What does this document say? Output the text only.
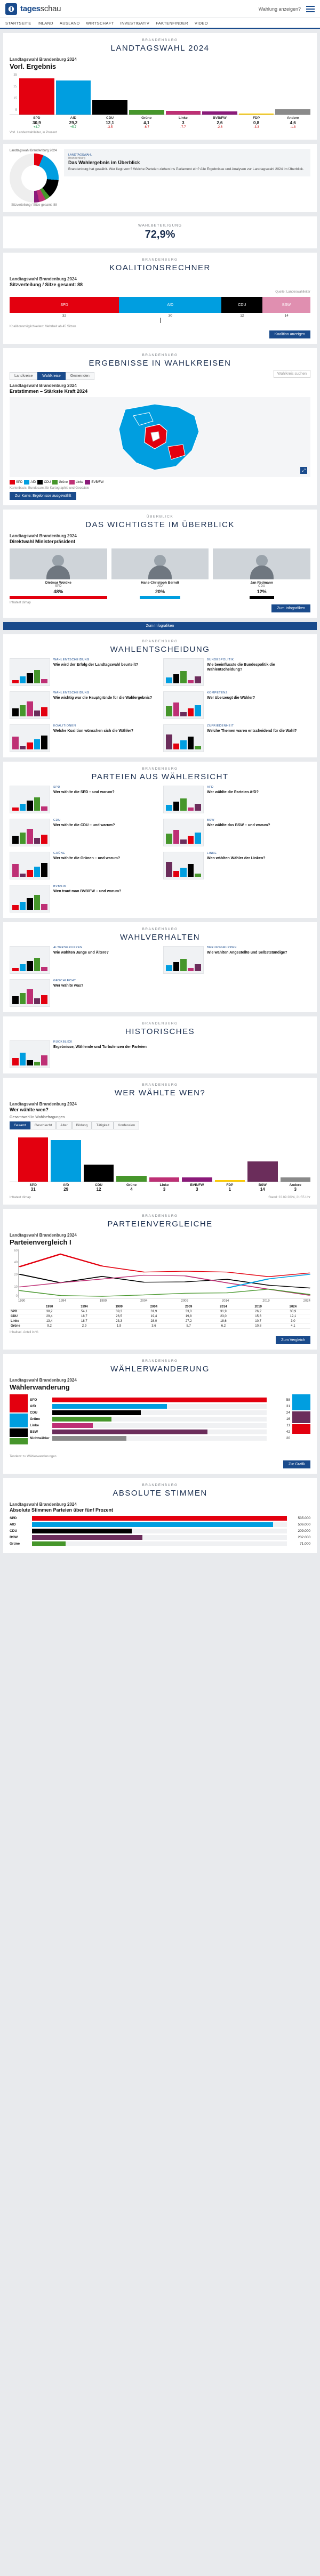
tagesschau	Wahlung anzeigen?
STARTSEITE INLAND AUSLAND WIRTSCHAFT INVESTIGATIV FAKTENFINDER VIDEO
BRANDENBURG
LANDTAGSWAHL 2024
Landtagswahl Brandenburg 2024
Vorl. Ergebnis
35
25
15
5
SPD	AfD	CDU	Grüne	Linke	BVB/FW	FDP	Andere
30,9	29,2	12,1	4,1	3	2,6	0,8	4,6
+4.7	+5.7	-3.5	-6.7	-7.7	-2.6	-3.3	-1.8
Vorl. Landeswahlleiter, in Prozent
Landtagswahl Brandenburg 2024
Sitzverteilung / Sitze gesamt: 88
LANDTAGSWAHL
Brandenburg
Das Wahlergebnis im Überblick
Brandenburg hat gewählt. Wer liegt vorn? Welche Parteien ziehen ins Parlament ein? Alle Ergebnisse und Analysen zur Landtagswahl 2024 im Überblick.
WAHLBETEILIGUNG
72,9%
BRANDENBURG
KOALITIONSRECHNER
Landtagswahl Brandenburg 2024
Sitzverteilung / Sitze gesamt: 88
Quelle: Landeswahlleiter
SPD	AfD	CDU	BSW
32	30	12	14
Koalitionsmöglichkeiten: Mehrheit ab 45 Sitzen
Koalition anzeigen
BRANDENBURG
ERGEBNISSE IN WAHLKREISEN
Landkreise	Wahlkreise	Gemeinden
Wahlkreis suchen
Landtagswahl Brandenburg 2024
Erststimmen – Stärkste Kraft 2024
⤢
SPD	AfD	CDU	Grüne	Linke	BVB/FW
Kartenbasis: Bundesamt für Kartographie und Geodäsie
Zur Karte: Ergebnisse ausgewählt
ÜBERBLICK
DAS WICHTIGSTE IM ÜBERBLICK
Landtagswahl Brandenburg 2024
Direktwahl Ministerpräsident
Dietmar Woidke
SPD
48%
Hans-Christoph Berndt
AfD
20%
Jan Redmann
CDU
12%
Infratest dimap
Zum Infografiken
Zum Infografiken
BRANDENBURG
WAHLENTSCHEIDUNG
WAHLENTSCHEIDUNG
Wie wird der Erfolg der Landtagswahl beurteilt?
BUNDESPOLITIK
Wie beeinflusste die Bundespolitik die Wahlentscheidung?
WAHLENTSCHEIDUNG
Wie wichtig war die Hauptgründe für die Wahlergebnis?
KOMPETENZ
Wer überzeugt die Wähler?
KOALITIONEN
Welche Koalition wünschen sich die Wähler?
ZUFRIEDENHEIT
Welche Themen waren entscheidend für die Wahl?
BRANDENBURG
PARTEIEN AUS WÄHLERSICHT
SPD
Wer wählte die SPD – und warum?
AFD
Wer wählte die Parteien AfD?
CDU
Wer wählte die CDU – und warum?
BSW
Wer wählte das BSW – und warum?
GRÜNE
Wer wählte die Grünen – und warum?
LINKE
Wen wählten Wähler der Linken?
BVB/FW
Wen traut man BVB/FW – und warum?
BRANDENBURG
WAHLVERHALTEN
ALTERSGRUPPEN
Wie wählten Junge und Ältere?
BERUFSGRUPPEN
Wie wählten Angestellte und Selbstständige?
GESCHLECHT
Wer wählte was?
BRANDENBURG
HISTORISCHES
RÜCKBLICK
Ergebnisse, Wählende und Turbulenzen der Parteien
BRANDENBURG
WER WÄHLTE WEN?
Landtagswahl Brandenburg 2024
Wer wählte wen?
Gesamtwahl in Wahlbefragungen
Gesamt	Geschlecht	Alter	Bildung	Tätigkeit	Konfession
SPD	AfD	CDU	Grüne	Linke	BVB/FW	FDP	BSW	Andere
31	29	12	4	3	3	1	14	3
Infratest dimap	Stand: 22.09.2024, 21:55 Uhr
BRANDENBURG
PARTEIENVERGLEICHE
Landtagswahl Brandenburg 2024
Parteienvergleich I
60
40
20
10
0
1990	1994	1999	2004	2009	2014	2019	2024
	1990	1994	1999	2004	2009	2014	2019	2024
SPD	38,2	54,1	39,3	31,9	33,0	31,9	26,2	30,9
CDU	29,4	18,7	26,5	19,4	19,8	23,0	15,6	12,1
Linke	13,4	18,7	23,3	28,0	27,2	18,6	10,7	3,0
Grüne	9,2	2,9	1,9	3,6	5,7	6,2	10,8	4,1
Inhaltsel. Anteil in %
Zum Vergleich
BRANDENBURG
WÄHLERWANDERUNG
Landtagswahl Brandenburg 2024
Wählerwanderung
SPD	58
AfD	31
CDU	24
Grüne	16
Linke	11
BSW	42
Nichtwähler	20
Tendenz zu Wählerwanderungen
Zur Grafik
BRANDENBURG
ABSOLUTE STIMMEN
Landtagswahl Brandenburg 2024
Absolute Stimmen Parteien über fünf Prozent
SPD	535.000
AfD	506.000
CDU	209.000
BSW	232.000
Grüne	71.000
